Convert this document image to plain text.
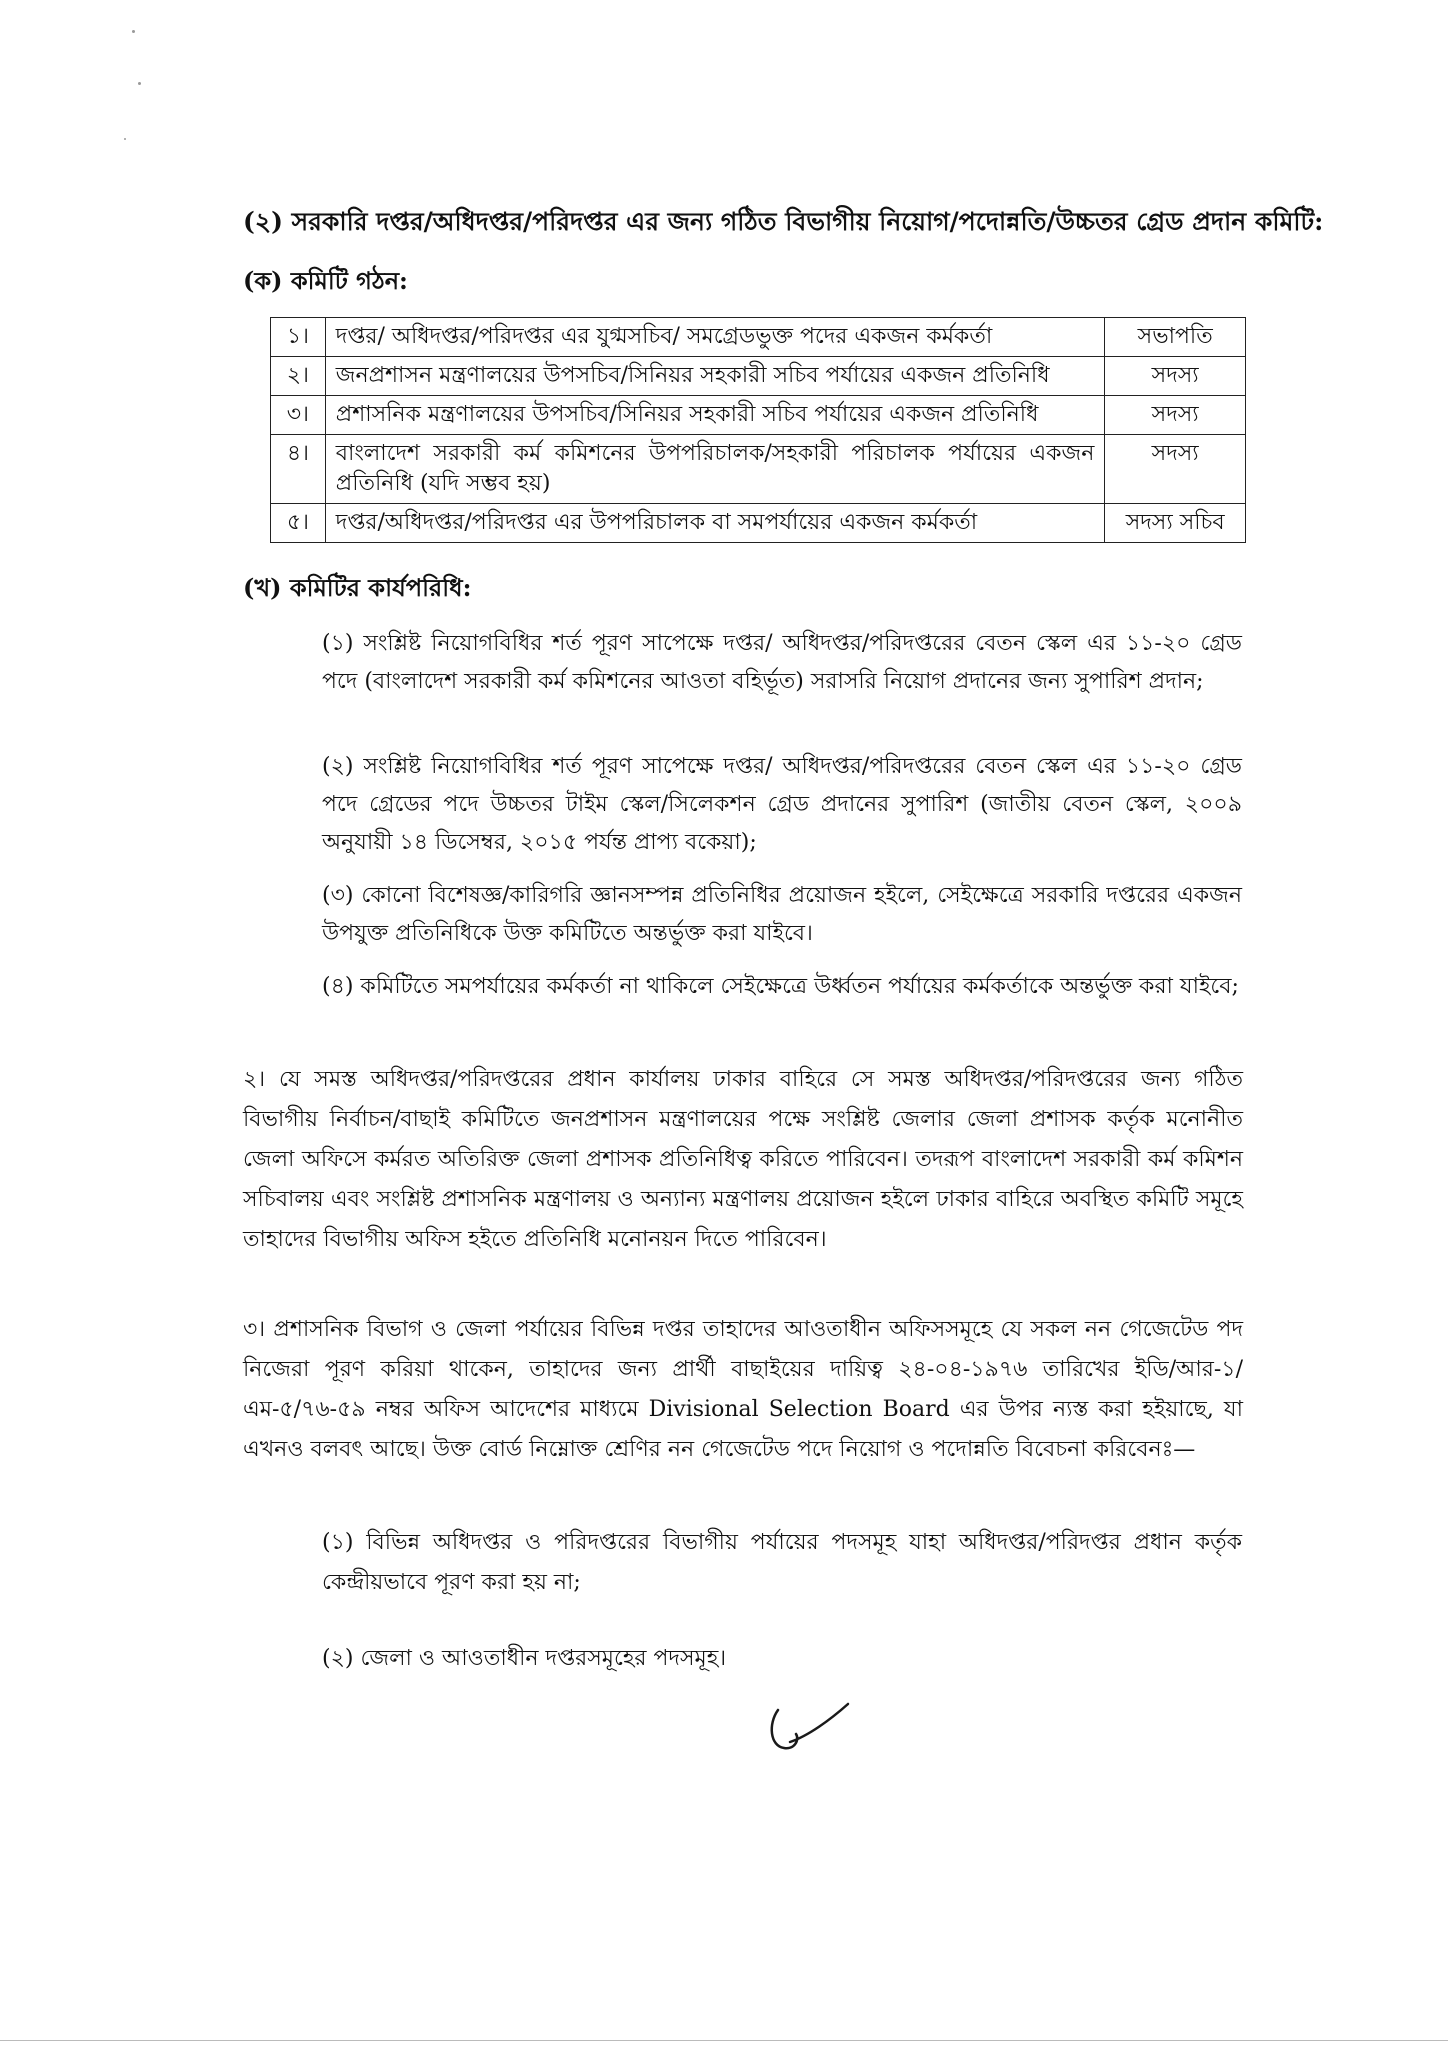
(২) সরকারি দপ্তর/অধিদপ্তর/পরিদপ্তর এর জন্য গঠিত বিভাগীয় নিয়োগ/পদোন্নতি/উচ্চতর গ্রেড প্রদান কমিটি:
(ক) কমিটি গঠন:
১।	দপ্তর/ অধিদপ্তর/পরিদপ্তর এর যুগ্মসচিব/ সমগ্রেডভুক্ত পদের একজন কর্মকর্তা	সভাপতি
২।	জনপ্রশাসন মন্ত্রণালয়ের উপসচিব/সিনিয়র সহকারী সচিব পর্যায়ের একজন প্রতিনিধি	সদস্য
৩।	প্রশাসনিক মন্ত্রণালয়ের উপসচিব/সিনিয়র সহকারী সচিব পর্যায়ের একজন প্রতিনিধি	সদস্য
৪।	বাংলাদেশ সরকারী কর্ম কমিশনের উপপরিচালক/সহকারী পরিচালক পর্যায়ের একজন প্রতিনিধি (যদি সম্ভব হয়)	সদস্য
৫।	দপ্তর/অধিদপ্তর/পরিদপ্তর এর উপপরিচালক বা সমপর্যায়ের একজন কর্মকর্তা	সদস্য সচিব
(খ) কমিটির কার্যপরিধি:
(১) সংশ্লিষ্ট নিয়োগবিধির শর্ত পূরণ সাপেক্ষে দপ্তর/ অধিদপ্তর/পরিদপ্তরের বেতন স্কেল এর ১১-২০ গ্রেড পদে (বাংলাদেশ সরকারী কর্ম কমিশনের আওতা বহির্ভূত) সরাসরি নিয়োগ প্রদানের জন্য সুপারিশ প্রদান;
(২) সংশ্লিষ্ট নিয়োগবিধির শর্ত পূরণ সাপেক্ষে দপ্তর/ অধিদপ্তর/পরিদপ্তরের বেতন স্কেল এর ১১-২০ গ্রেড পদে গ্রেডের পদে উচ্চতর টাইম স্কেল/সিলেকশন গ্রেড প্রদানের সুপারিশ (জাতীয় বেতন স্কেল, ২০০৯ অনুযায়ী ১৪ ডিসেম্বর, ২০১৫ পর্যন্ত প্রাপ্য বকেয়া);
(৩) কোনো বিশেষজ্ঞ/কারিগরি জ্ঞানসম্পন্ন প্রতিনিধির প্রয়োজন হইলে, সেইক্ষেত্রে সরকারি দপ্তরের একজন উপযুক্ত প্রতিনিধিকে উক্ত কমিটিতে অন্তর্ভুক্ত করা যাইবে।
(৪) কমিটিতে সমপর্যায়ের কর্মকর্তা না থাকিলে সেইক্ষেত্রে উর্ধ্বতন পর্যায়ের কর্মকর্তাকে অন্তর্ভুক্ত করা যাইবে;
২। যে সমস্ত অধিদপ্তর/পরিদপ্তরের প্রধান কার্যালয় ঢাকার বাহিরে সে সমস্ত অধিদপ্তর/পরিদপ্তরের জন্য গঠিত বিভাগীয় নির্বাচন/বাছাই কমিটিতে জনপ্রশাসন মন্ত্রণালয়ের পক্ষে সংশ্লিষ্ট জেলার জেলা প্রশাসক কর্তৃক মনোনীত জেলা অফিসে কর্মরত অতিরিক্ত জেলা প্রশাসক প্রতিনিধিত্ব করিতে পারিবেন। তদরূপ বাংলাদেশ সরকারী কর্ম কমিশন সচিবালয় এবং সংশ্লিষ্ট প্রশাসনিক মন্ত্রণালয় ও অন্যান্য মন্ত্রণালয় প্রয়োজন হইলে ঢাকার বাহিরে অবস্থিত কমিটি সমূহে তাহাদের বিভাগীয় অফিস হইতে প্রতিনিধি মনোনয়ন দিতে পারিবেন।
৩। প্রশাসনিক বিভাগ ও জেলা পর্যায়ের বিভিন্ন দপ্তর তাহাদের আওতাধীন অফিসসমূহে যে সকল নন গেজেটেড পদ নিজেরা পূরণ করিয়া থাকেন, তাহাদের জন্য প্রার্থী বাছাইয়ের দায়িত্ব ২৪-০৪-১৯৭৬ তারিখের ইডি/আর-১/এম-৫/৭৬-৫৯ নম্বর অফিস আদেশের মাধ্যমে Divisional Selection Board এর উপর ন্যস্ত করা হইয়াছে, যা এখনও বলবৎ আছে। উক্ত বোর্ড নিম্নোক্ত শ্রেণির নন গেজেটেড পদে নিয়োগ ও পদোন্নতি বিবেচনা করিবেনঃ—
(১) বিভিন্ন অধিদপ্তর ও পরিদপ্তরের বিভাগীয় পর্যায়ের পদসমূহ যাহা অধিদপ্তর/পরিদপ্তর প্রধান কর্তৃক কেন্দ্রীয়ভাবে পূরণ করা হয় না;
(২) জেলা ও আওতাধীন দপ্তরসমূহের পদসমূহ।
